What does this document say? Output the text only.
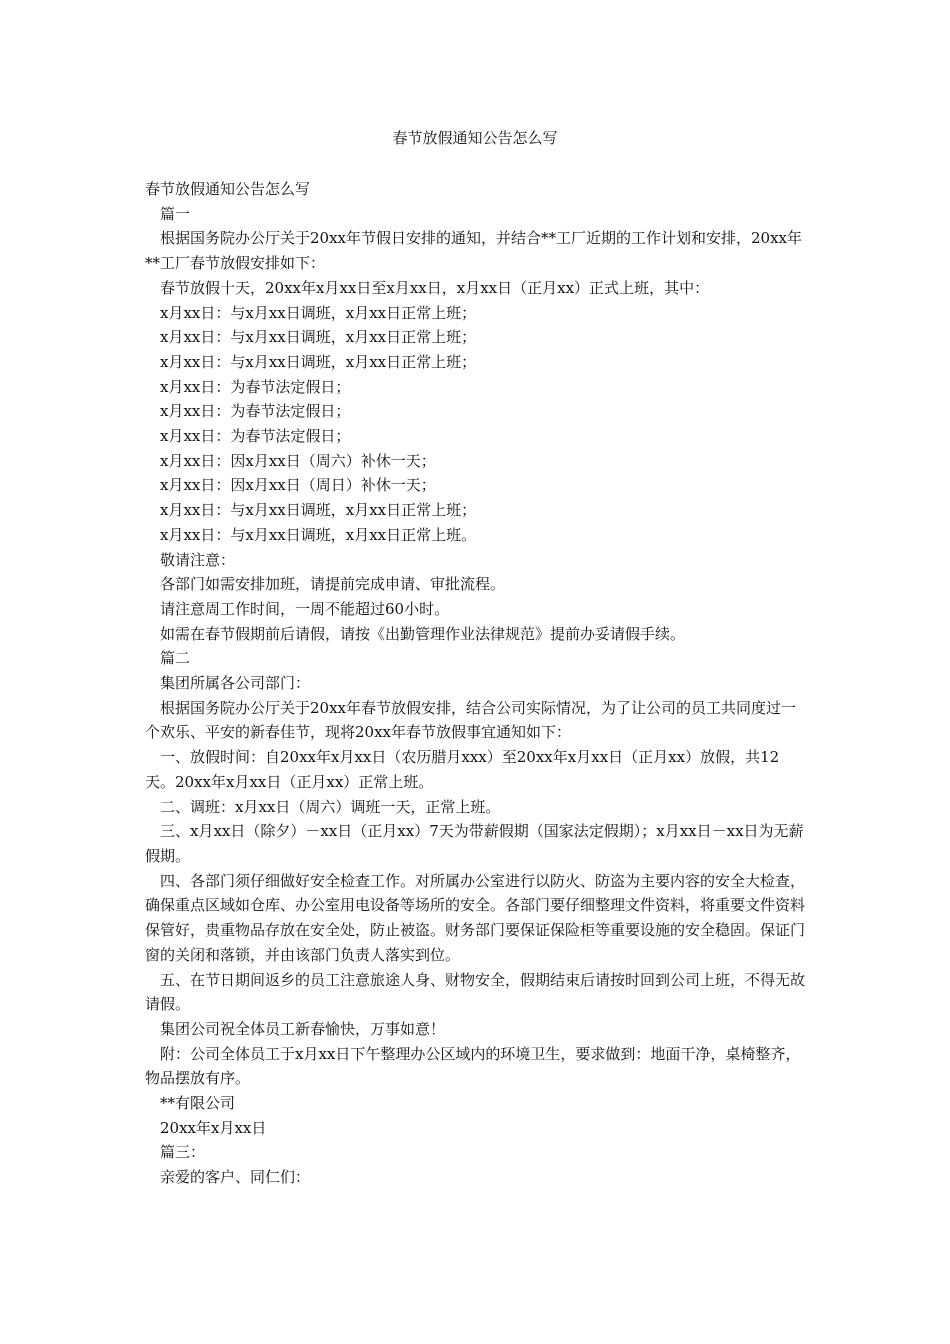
春节放假通知公告怎么写

春节放假通知公告怎么写

篇一

根据国务院办公厅关于20xx年节假日安排的通知，并结合**工厂近期的工作计划和安排，20xx年**工厂春节放假安排如下：

春节放假十天，20xx年x月xx日至x月xx日，x月xx日（正月xx）正式上班，其中：

x月xx日：与x月xx日调班，x月xx日正常上班；

x月xx日：与x月xx日调班，x月xx日正常上班；

x月xx日：与x月xx日调班，x月xx日正常上班；

x月xx日：为春节法定假日；

x月xx日：为春节法定假日；

x月xx日：为春节法定假日；

x月xx日：因x月xx日（周六）补休一天；

x月xx日：因x月xx日（周日）补休一天；

x月xx日：与x月xx日调班，x月xx日正常上班；

x月xx日：与x月xx日调班，x月xx日正常上班。

敬请注意：

各部门如需安排加班，请提前完成申请、审批流程。

请注意周工作时间，一周不能超过60小时。

如需在春节假期前后请假，请按《出勤管理作业法律规范》提前办妥请假手续。

篇二

集团所属各公司部门：

根据国务院办公厅关于20xx年春节放假安排，结合公司实际情况，为了让公司的员工共同度过一个欢乐、平安的新春佳节，现将20xx年春节放假事宜通知如下：

一、放假时间：自20xx年x月xx日（农历腊月xxx）至20xx年x月xx日（正月xx）放假，共12天。20xx年x月xx日（正月xx）正常上班。

二、调班：x月xx日（周六）调班一天，正常上班。

三、x月xx日（除夕）－xx日（正月xx）7天为带薪假期（国家法定假期）；x月xx日－xx日为无薪假期。

四、各部门须仔细做好安全检查工作。对所属办公室进行以防火、防盗为主要内容的安全大检查，确保重点区域如仓库、办公室用电设备等场所的安全。各部门要仔细整理文件资料，将重要文件资料保管好，贵重物品存放在安全处，防止被盗。财务部门要保证保险柜等重要设施的安全稳固。保证门窗的关闭和落锁，并由该部门负责人落实到位。

五、在节日期间返乡的员工注意旅途人身、财物安全，假期结束后请按时回到公司上班，不得无故请假。

集团公司祝全体员工新春愉快，万事如意！

附：公司全体员工于x月xx日下午整理办公区域内的环境卫生，要求做到：地面干净，桌椅整齐，物品摆放有序。

**有限公司

20xx年x月xx日

篇三：

亲爱的客户、同仁们：
